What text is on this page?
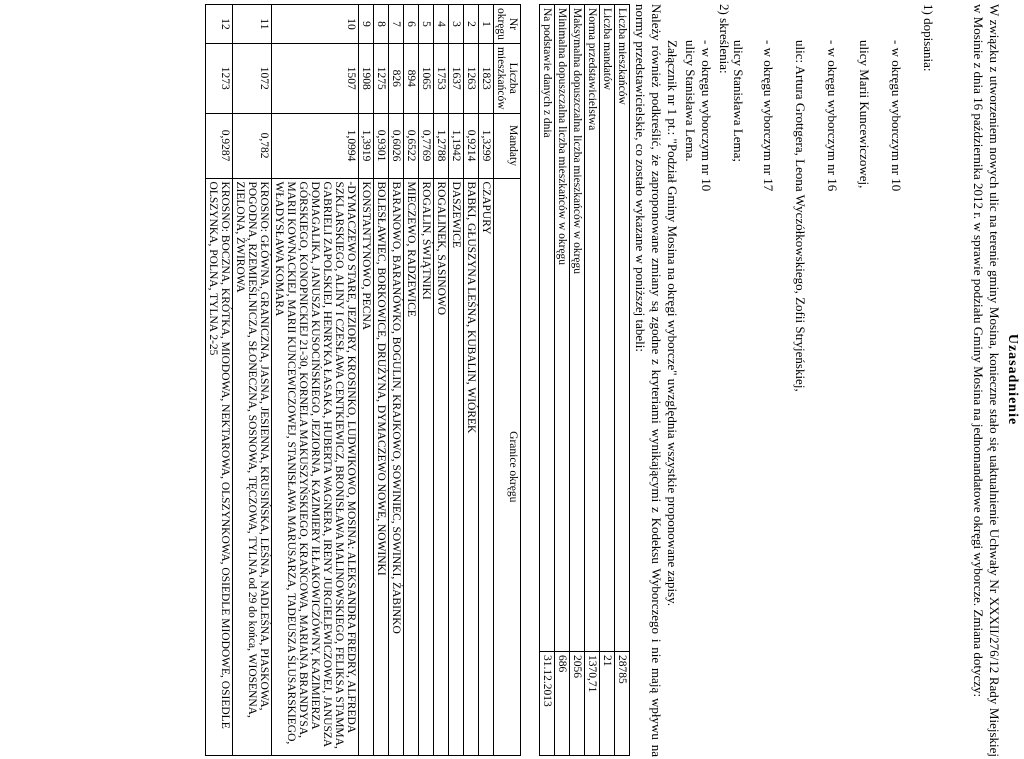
Uzasadnienie
W związku z utworzeniem nowych ulic na terenie gminy Mosina, konieczne stało się uaktualnienie Uchwały Nr XXXII/276/12 Rady Miejskiej w Mosinie z dnia 16 października 2012 r. w sprawie podziału Gminy Mosina na jednomandatowe okręgi wyborcze. Zmiana dotyczy:
1) dopisania:
- w okręgu wyborczym nr 10
ulicy Marii Kuncewiczowej,
- w okręgu wyborczym nr 16
ulic: Artura Grottgera, Leona Wyczółkowskiego, Zofii Stryjeńskiej,
- w okręgu wyborczym nr 17
ulicy Stanisława Lema;
2) skreślenia:
- w okręgu wyborczym nr 10
ulicy Stanisława Lema.
Załącznik nr 1 pt.: "Podział Gminy Mosina na okręgi wyborcze" uwzględnia wszystkie proponowane zapisy.
Należy również podkreślić, że zaproponowane zmiany są zgodne z kryteriami wynikającymi z Kodeksu Wyborczego i nie mają wpływu na normy przedstawicielskie, co zostało wykazane w poniższej tabeli:
Liczba mieszkańców	28785
Liczba mandatów	21
Norma przedstawicielstwa	1370,71
Maksymalna dopuszczalna liczba mieszkańców w okręgu	2056
Minimalna dopuszczalna liczba mieszkańców w okręgu	686
Na podstawie danych z dnia	31.12.2013
Nr okręgu	Liczba mieszkańców	Mandaty	Granice okręgu
1	1823	1,3299	CZAPURY
2	1263	0,9214	BABKI, GŁUSZYNA LEŚNA, KUBALIN, WIÓREK
3	1637	1,1942	DASZEWICE
4	1753	1,2788	ROGALINEK, SASINOWO
5	1065	0,7769	ROGALIN, ŚWIĄTNIKI
6	894	0,6522	MIECZEWO, RADZEWICE
7	826	0,6026	BARANOWO, BARANÓWKO, BOGULIN, KRAJKOWO, SOWINIEC, SOWINKI, ŻABINKO
8	1275	0,9301	BOLESŁAWIEC, BORKOWICE, DRUŻYNA, DYMACZEWO NOWE, NOWINKI
9	1908	1,3919	KONSTANTYNOWO, PECNA
10	1507	1,0994	-DYMACZEWO STARE, JEZIORY, KROSINKO, LUDWIKOWO, MOSINA: ALEKSANDRA FREDRY, ALFREDA SZKLARSKIEGO, ALINY I CZESŁAWA CENTKIEWICZ, BRONISŁAWA MALINOWSKIEGO, FELIKSA STAMMA, GABRIELI ZAPOLSKIEJ, HENRYKA ŁASAKA, HUBERTA WAGNERA, IRENY JURGIELEWICZOWEJ, JANUSZA DOMAGALIKA, JANUSZA KUSOCIŃSKIEGO, JEZIORNA, KAZIMIERY IŁŁAKOWICZÓWNY, KAZIMIERZA GÓRSKIEGO, KONOPNICKIEJ 21-30, KORNELA MAKUSZYŃSKIEGO, KRAŃCOWA, MARIANA BRANDYSA, MARII KOWNACKIEJ, MARII KUNCEWICZOWEJ, STANISŁAWA MARUSARZA, TADEUSZA ŚLUSARSKIEGO, WŁADYSŁAWA KOMARA
11	1072	0,782	KROSNO: GŁÓWNA, GRANICZNA, JASNA, JESIENNA, KRUSIŃSKA, LEŚNA, NADLEŚNA, PIASKOWA, POGODNA, RZEMIEŚLNICZA, SŁONECZNA, SOSNOWA, TĘCZOWA, TYLNA od 29 do końca, WIOSENNA, ZIELONA, ŻWIROWA
12	1273	0,9287	KROSNO: BOCZNA, KRÓTKA, MIODOWA, NEKTAROWA, OLSZYNKOWA, OSIEDLE MIODOWE, OSIEDLE OLSZYNKA, POLNA, TYLNA 2-25
